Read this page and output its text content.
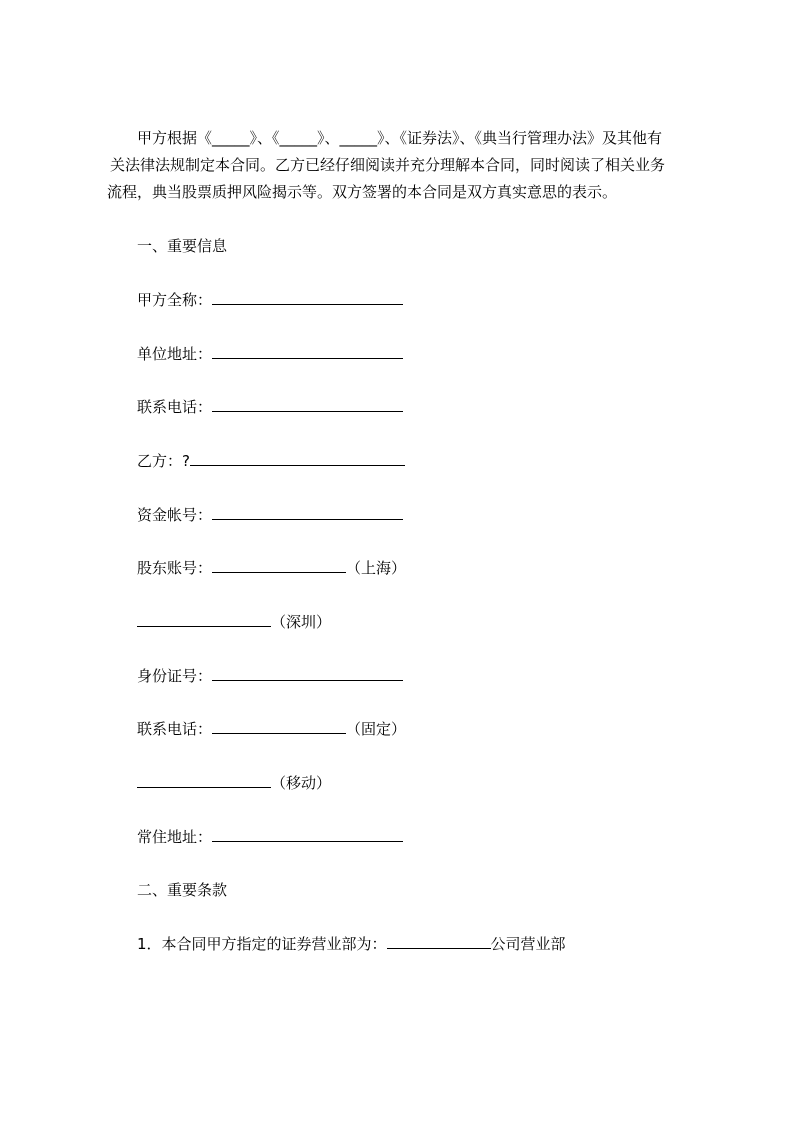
甲方根据《_____》、《_____》、_____》、《证券法》、《典当行管理办法》及其他有
关法律法规制定本合同。乙方已经仔细阅读并充分理解本合同，同时阅读了相关业务
流程，典当股票质押风险揭示等。双方签署的本合同是双方真实意思的表示。
一、重要信息
甲方全称：
单位地址：
联系电话：
乙方：?
资金帐号：
股东账号：	（上海）
（深圳）
身份证号：
联系电话：	（固定）
（移动）
常住地址：
二、重要条款
1．本合同甲方指定的证券营业部为：	公司营业部
